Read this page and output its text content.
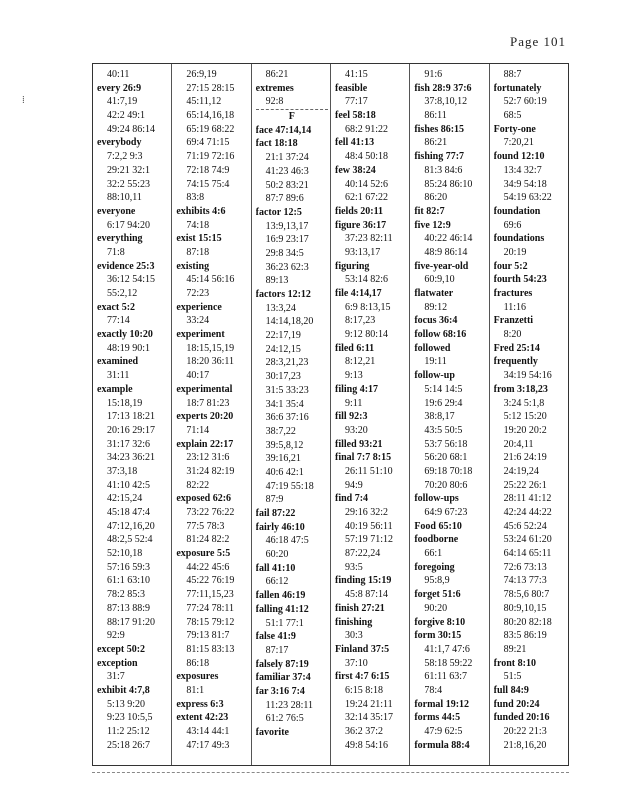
Page 101
⁞
40:11
every 26:9
41:7,19
42:2 49:1
49:24 86:14
everybody
7:2,2 9:3
29:21 32:1
32:2 55:23
88:10,11
everyone
6:17 94:20
everything
71:8
evidence 25:3
36:12 54:15
55:2,12
exact 5:2
77:14
exactly 10:20
48:19 90:1
examined
31:11
example
15:18,19
17:13 18:21
20:16 29:17
31:17 32:6
34:23 36:21
37:3,18
41:10 42:5
42:15,24
45:18 47:4
47:12,16,20
48:2,5 52:4
52:10,18
57:16 59:3
61:1 63:10
78:2 85:3
87:13 88:9
88:17 91:20
92:9
except 50:2
exception
31:7
exhibit 4:7,8
5:13 9:20
9:23 10:5,5
11:2 25:12
25:18 26:7
26:9,19
27:15 28:15
45:11,12
65:14,16,18
65:19 68:22
69:4 71:15
71:19 72:16
72:18 74:9
74:15 75:4
83:8
exhibits 4:6
74:18
exist 15:15
87:18
existing
45:14 56:16
72:23
experience
33:24
experiment
18:15,15,19
18:20 36:11
40:17
experimental
18:7 81:23
experts 20:20
71:14
explain 22:17
23:12 31:6
31:24 82:19
82:22
exposed 62:6
73:22 76:22
77:5 78:3
81:24 82:2
exposure 5:5
44:22 45:6
45:22 76:19
77:11,15,23
77:24 78:11
78:15 79:12
79:13 81:7
81:15 83:13
86:18
exposures
81:1
express 6:3
extent 42:23
43:14 44:1
47:17 49:3
86:21
extremes
92:8
F
face 47:14,14
fact 18:18
21:1 37:24
41:23 46:3
50:2 83:21
87:7 89:6
factor 12:5
13:9,13,17
16:9 23:17
29:8 34:5
36:23 62:3
89:13
factors 12:12
13:3,24
14:14,18,20
22:17,19
24:12,15
28:3,21,23
30:17,23
31:5 33:23
34:1 35:4
36:6 37:16
38:7,22
39:5,8,12
39:16,21
40:6 42:1
47:19 55:18
87:9
fail 87:22
fairly 46:10
46:18 47:5
60:20
fall 41:10
66:12
fallen 46:19
falling 41:12
51:1 77:1
false 41:9
87:17
falsely 87:19
familiar 37:4
far 3:16 7:4
11:23 28:11
61:2 76:5
favorite
41:15
feasible
77:17
feel 58:18
68:2 91:22
fell 41:13
48:4 50:18
few 38:24
40:14 52:6
62:1 67:22
fields 20:11
figure 36:17
37:23 82:11
93:13,17
figuring
53:14 82:6
file 4:14,17
6:9 8:13,15
8:17,23
9:12 80:14
filed 6:11
8:12,21
9:13
filing 4:17
9:11
fill 92:3
93:20
filled 93:21
final 7:7 8:15
26:11 51:10
94:9
find 7:4
29:16 32:2
40:19 56:11
57:19 71:12
87:22,24
93:5
finding 15:19
45:8 87:14
finish 27:21
finishing
30:3
Finland 37:5
37:10
first 4:7 6:15
6:15 8:18
19:24 21:11
32:14 35:17
36:2 37:2
49:8 54:16
91:6
fish 28:9 37:6
37:8,10,12
86:11
fishes 86:15
86:21
fishing 77:7
81:3 84:6
85:24 86:10
86:20
fit 82:7
five 12:9
40:22 46:14
48:9 86:14
five-year-old
60:9,10
flatwater
89:12
focus 36:4
follow 68:16
followed
19:11
follow-up
5:14 14:5
19:6 29:4
38:8,17
43:5 50:5
53:7 56:18
56:20 68:1
69:18 70:18
70:20 80:6
follow-ups
64:9 67:23
Food 65:10
foodborne
66:1
foregoing
95:8,9
forget 51:6
90:20
forgive 8:10
form 30:15
41:1,7 47:6
58:18 59:22
61:11 63:7
78:4
formal 19:12
forms 44:5
47:9 62:5
formula 88:4
88:7
fortunately
52:7 60:19
68:5
Forty-one
7:20,21
found 12:10
13:4 32:7
34:9 54:18
54:19 63:22
foundation
69:6
foundations
20:19
four 5:2
fourth 54:23
fractures
11:16
Franzetti
8:20
Fred 25:14
frequently
34:19 54:16
from 3:18,23
3:24 5:1,8
5:12 15:20
19:20 20:2
20:4,11
21:6 24:19
24:19,24
25:22 26:1
28:11 41:12
42:24 44:22
45:6 52:24
53:24 61:20
64:14 65:11
72:6 73:13
74:13 77:3
78:5,6 80:7
80:9,10,15
80:20 82:18
83:5 86:19
89:21
front 8:10
51:5
full 84:9
fund 20:24
funded 20:16
20:22 21:3
21:8,16,20
